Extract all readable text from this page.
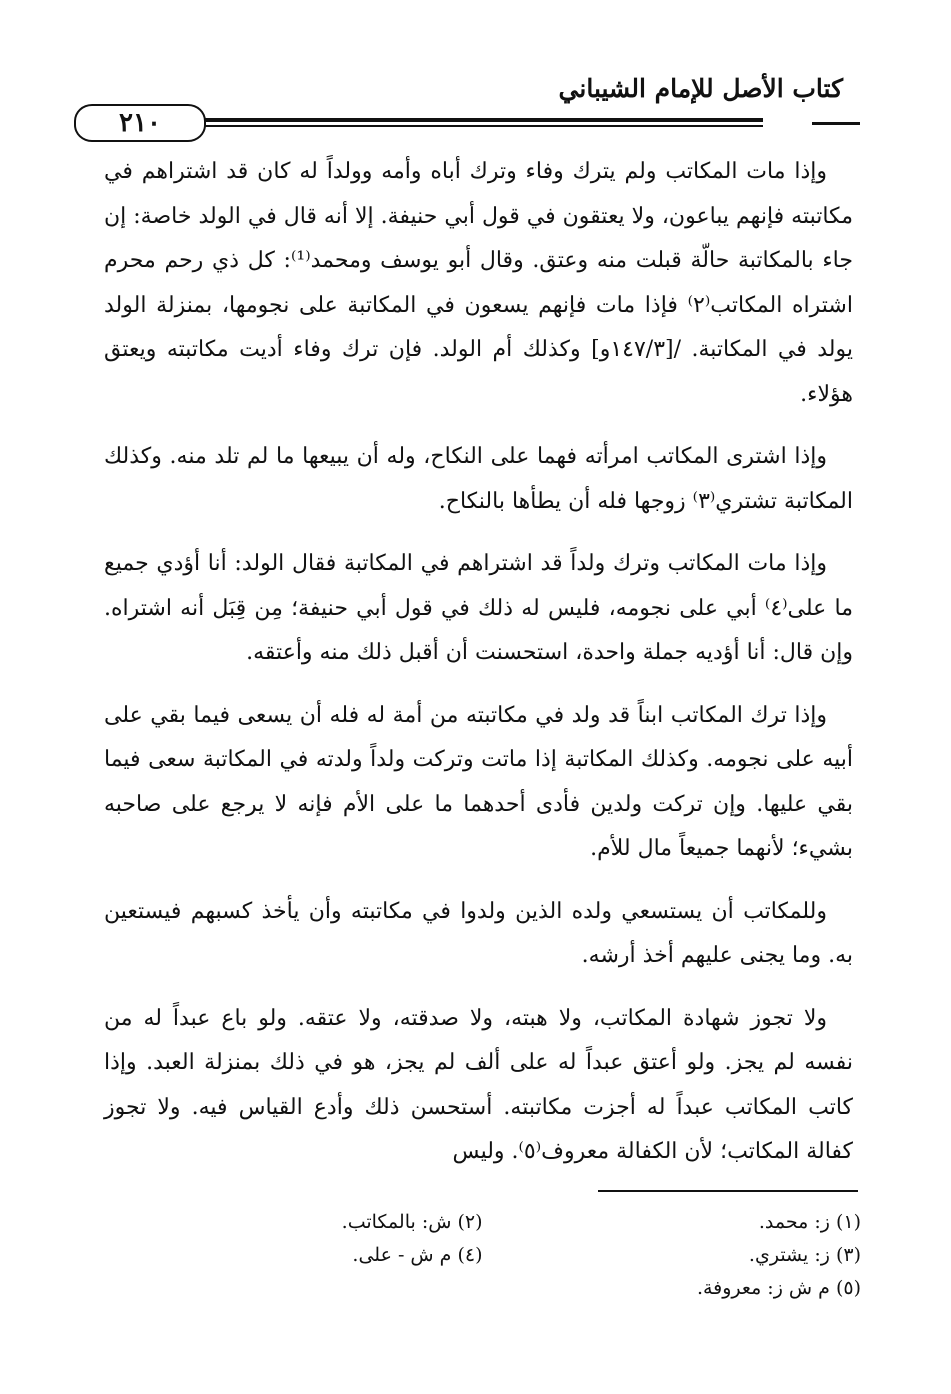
كتاب الأصل للإمام الشيباني
٢١٠

وإذا مات المكاتب ولم يترك وفاء وترك أباه وأمه وولداً له كان قد اشتراهم في مكاتبته فإنهم يباعون، ولا يعتقون في قول أبي حنيفة. إلا أنه قال في الولد خاصة: إن جاء بالمكاتبة حالّة قبلت منه وعتق. وقال أبو يوسف ومحمد⁽¹⁾: كل ذي رحم محرم اشتراه المكاتب⁽٢⁾ فإذا مات فإنهم يسعون في المكاتبة على نجومها، بمنزلة الولد يولد في المكاتبة. /[١٤٧/٣و] وكذلك أم الولد. فإن ترك وفاء أديت مكاتبته ويعتق هؤلاء.

وإذا اشترى المكاتب امرأته فهما على النكاح، وله أن يبيعها ما لم تلد منه. وكذلك المكاتبة تشتري⁽٣⁾ زوجها فله أن يطأها بالنكاح.

وإذا مات المكاتب وترك ولداً قد اشتراهم في المكاتبة فقال الولد: أنا أؤدي جميع ما على⁽٤⁾ أبي على نجومه، فليس له ذلك في قول أبي حنيفة؛ مِن قِبَل أنه اشتراه. وإن قال: أنا أؤديه جملة واحدة، استحسنت أن أقبل ذلك منه وأعتقه.

وإذا ترك المكاتب ابناً قد ولد في مكاتبته من أمة له فله أن يسعى فيما بقي على أبيه على نجومه. وكذلك المكاتبة إذا ماتت وتركت ولداً ولدته في المكاتبة سعى فيما بقي عليها. وإن تركت ولدين فأدى أحدهما ما على الأم فإنه لا يرجع على صاحبه بشيء؛ لأنهما جميعاً مال للأم.

وللمكاتب أن يستسعي ولده الذين ولدوا في مكاتبته وأن يأخذ كسبهم فيستعين به. وما يجنى عليهم أخذ أرشه.

ولا تجوز شهادة المكاتب، ولا هبته، ولا صدقته، ولا عتقه. ولو باع عبداً له من نفسه لم يجز. ولو أعتق عبداً له على ألف لم يجز، هو في ذلك بمنزلة العبد. وإذا كاتب المكاتب عبداً له أجزت مكاتبته. أستحسن ذلك وأدع القياس فيه. ولا تجوز كفالة المكاتب؛ لأن الكفالة معروف⁽٥⁾. وليس

(١) ز: محمد.
(٢) ش: بالمكاتب.
(٣) ز: يشتري.
(٤) م ش - على.
(٥) م ش ز: معروفة.
